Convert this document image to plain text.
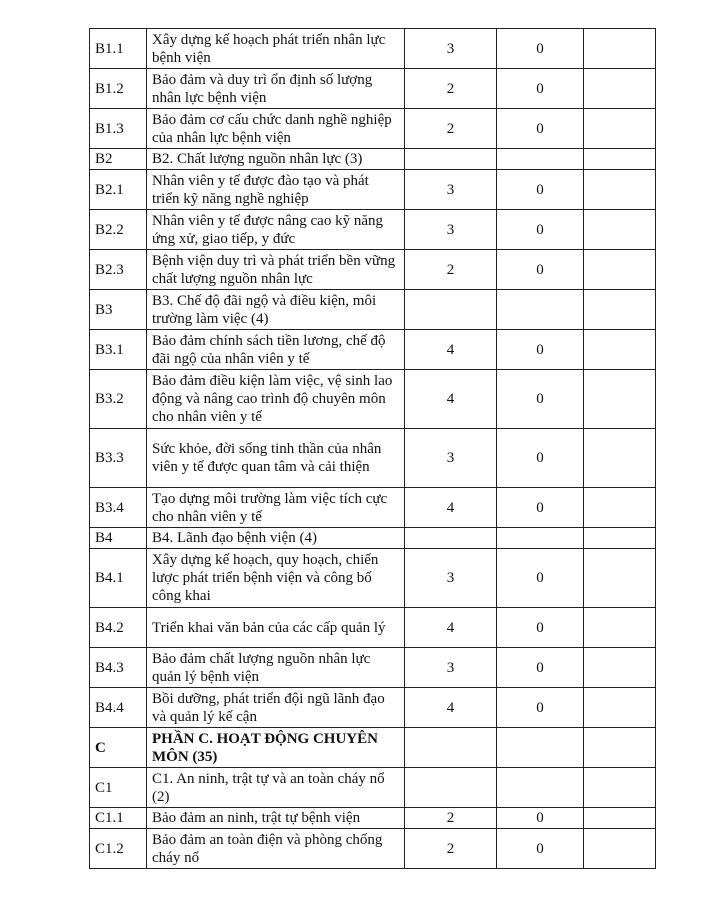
B1.1	Xây dựng kế hoạch phát triển nhân lực bệnh viện	3	0	
B1.2	Bảo đảm và duy trì ổn định số lượng nhân lực bệnh viện	2	0	
B1.3	Bảo đảm cơ cấu chức danh nghề nghiệp của nhân lực bệnh viện	2	0	
B2	B2. Chất lượng nguồn nhân lực (3)			
B2.1	Nhân viên y tế được đào tạo và phát triển kỹ năng nghề nghiệp	3	0	
B2.2	Nhân viên y tế được nâng cao kỹ năng ứng xử, giao tiếp, y đức	3	0	
B2.3	Bệnh viện duy trì và phát triển bền vững chất lượng nguồn nhân lực	2	0	
B3	B3. Chế độ đãi ngộ và điều kiện, môi trường làm việc (4)			
B3.1	Bảo đảm chính sách tiền lương, chế độ đãi ngộ của nhân viên y tế	4	0	
B3.2	Bảo đảm điều kiện làm việc, vệ sinh lao động và nâng cao trình độ chuyên môn cho nhân viên y tế	4	0	
B3.3	Sức khỏe, đời sống tinh thần của nhân viên y tế được quan tâm và cải thiện	3	0	
B3.4	Tạo dựng môi trường làm việc tích cực cho nhân viên y tế	4	0	
B4	B4. Lãnh đạo bệnh viện (4)			
B4.1	Xây dựng kế hoạch, quy hoạch, chiến lược phát triển bệnh viện và công bố công khai	3	0	
B4.2	Triển khai văn bản của các cấp quản lý	4	0	
B4.3	Bảo đảm chất lượng nguồn nhân lực quản lý bệnh viện	3	0	
B4.4	Bồi dưỡng, phát triển đội ngũ lãnh đạo và quản lý kế cận	4	0	
C	PHẦN C. HOẠT ĐỘNG CHUYÊN MÔN (35)			
C1	C1. An ninh, trật tự và an toàn cháy nổ (2)			
C1.1	Bảo đảm an ninh, trật tự bệnh viện	2	0	
C1.2	Bảo đảm an toàn điện và phòng chống cháy nổ	2	0	
